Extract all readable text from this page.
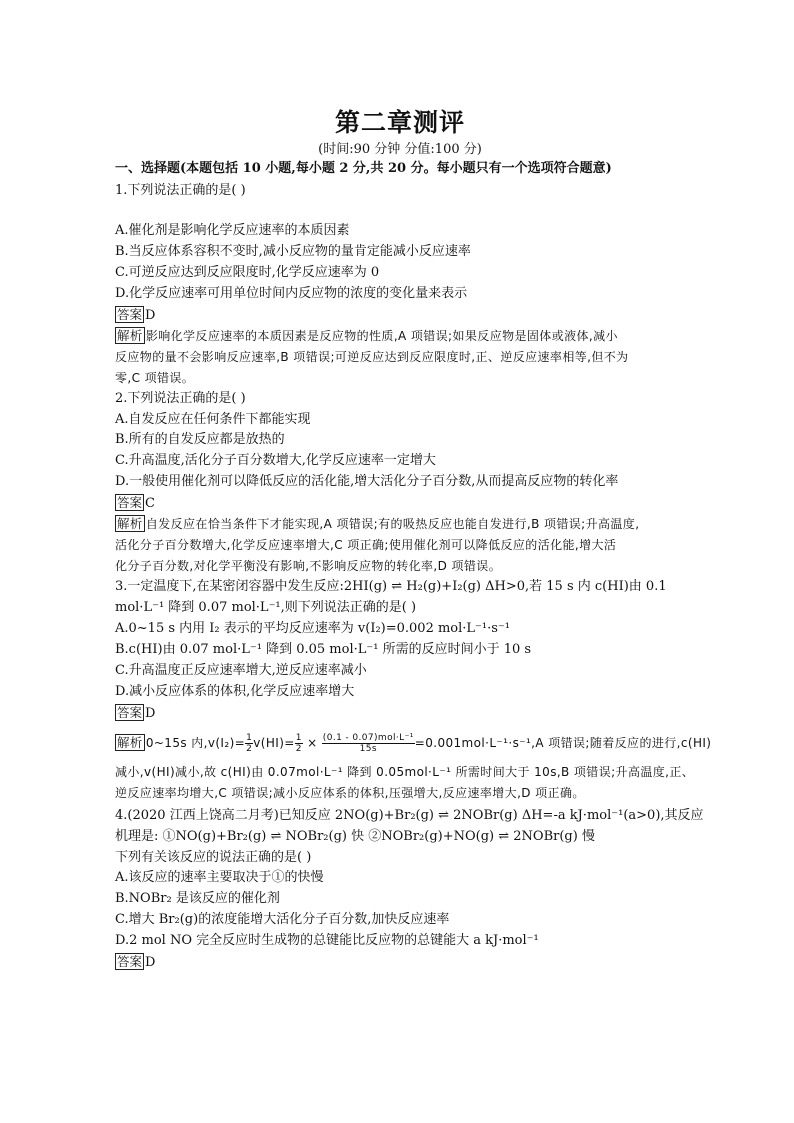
第二章测评
(时间:90 分钟 分值:100 分)
一、选择题(本题包括 10 小题,每小题 2 分,共 20 分。每小题只有一个选项符合题意)
1.下列说法正确的是( )
A.催化剂是影响化学反应速率的本质因素
B.当反应体系容积不变时,减小反应物的量肯定能减小反应速率
C.可逆反应达到反应限度时,化学反应速率为 0
D.化学反应速率可用单位时间内反应物的浓度的变化量来表示
答案 D
解析 影响化学反应速率的本质因素是反应物的性质,A 项错误;如果反应物是固体或液体,减小
反应物的量不会影响反应速率,B 项错误;可逆反应达到反应限度时,正、逆反应速率相等,但不为
零,C 项错误。
2.下列说法正确的是( )
A.自发反应在任何条件下都能实现
B.所有的自发反应都是放热的
C.升高温度,活化分子百分数增大,化学反应速率一定增大
D.一般使用催化剂可以降低反应的活化能,增大活化分子百分数,从而提高反应物的转化率
答案 C
解析 自发反应在恰当条件下才能实现,A 项错误;有的吸热反应也能自发进行,B 项错误;升高温度,
活化分子百分数增大,化学反应速率增大,C 项正确;使用催化剂可以降低反应的活化能,增大活
化分子百分数,对化学平衡没有影响,不影响反应物的转化率,D 项错误。
3.一定温度下,在某密闭容器中发生反应:2HI(g) ⇌ H₂(g)+I₂(g) ΔH>0,若 15 s 内 c(HI)由 0.1
mol·L⁻¹ 降到 0.07 mol·L⁻¹,则下列说法正确的是( )
A.0~15 s 内用 I₂ 表示的平均反应速率为 v(I₂)=0.002 mol·L⁻¹·s⁻¹
B.c(HI)由 0.07 mol·L⁻¹ 降到 0.05 mol·L⁻¹ 所需的反应时间小于 10 s
C.升高温度正反应速率增大,逆反应速率减小
D.减小反应体系的体积,化学反应速率增大
答案 D
解析 0~15s 内$,v(I_2)= \frac{1}{2} v(HI)= \frac{1}{2} \times \frac{\text{(0.1 - 0.07)mol·L⁻¹}}{15s} =0.001mol\cdot L^{-1}\cdot s^{-1},A$ 项错误;随着反应的进行,c(HI)
减小,v(HI)减小,故 c(HI)由 0.07mol·L⁻¹ 降到 0.05mol·L⁻¹ 所需时间大于 10s,B 项错误;升高温度,正、
逆反应速率均增大,C 项错误;减小反应体系的体积,压强增大,反应速率增大,D 项正确。
4.(2020 江西上饶高二月考)已知反应 2NO(g)+Br₂(g) ⇌ 2NOBr(g) ΔH=-a kJ·mol⁻¹(a>0),其反应
机理是: ①NO(g)+Br₂(g) ⇌ NOBr₂(g) 快 ②NOBr₂(g)+NO(g) ⇌ 2NOBr(g) 慢
下列有关该反应的说法正确的是( )
A.该反应的速率主要取决于①的快慢
B.NOBr₂ 是该反应的催化剂
C.增大 Br₂(g)的浓度能增大活化分子百分数,加快反应速率
D.2 mol NO 完全反应时生成物的总键能比反应物的总键能大 a kJ·mol⁻¹
答案 D
